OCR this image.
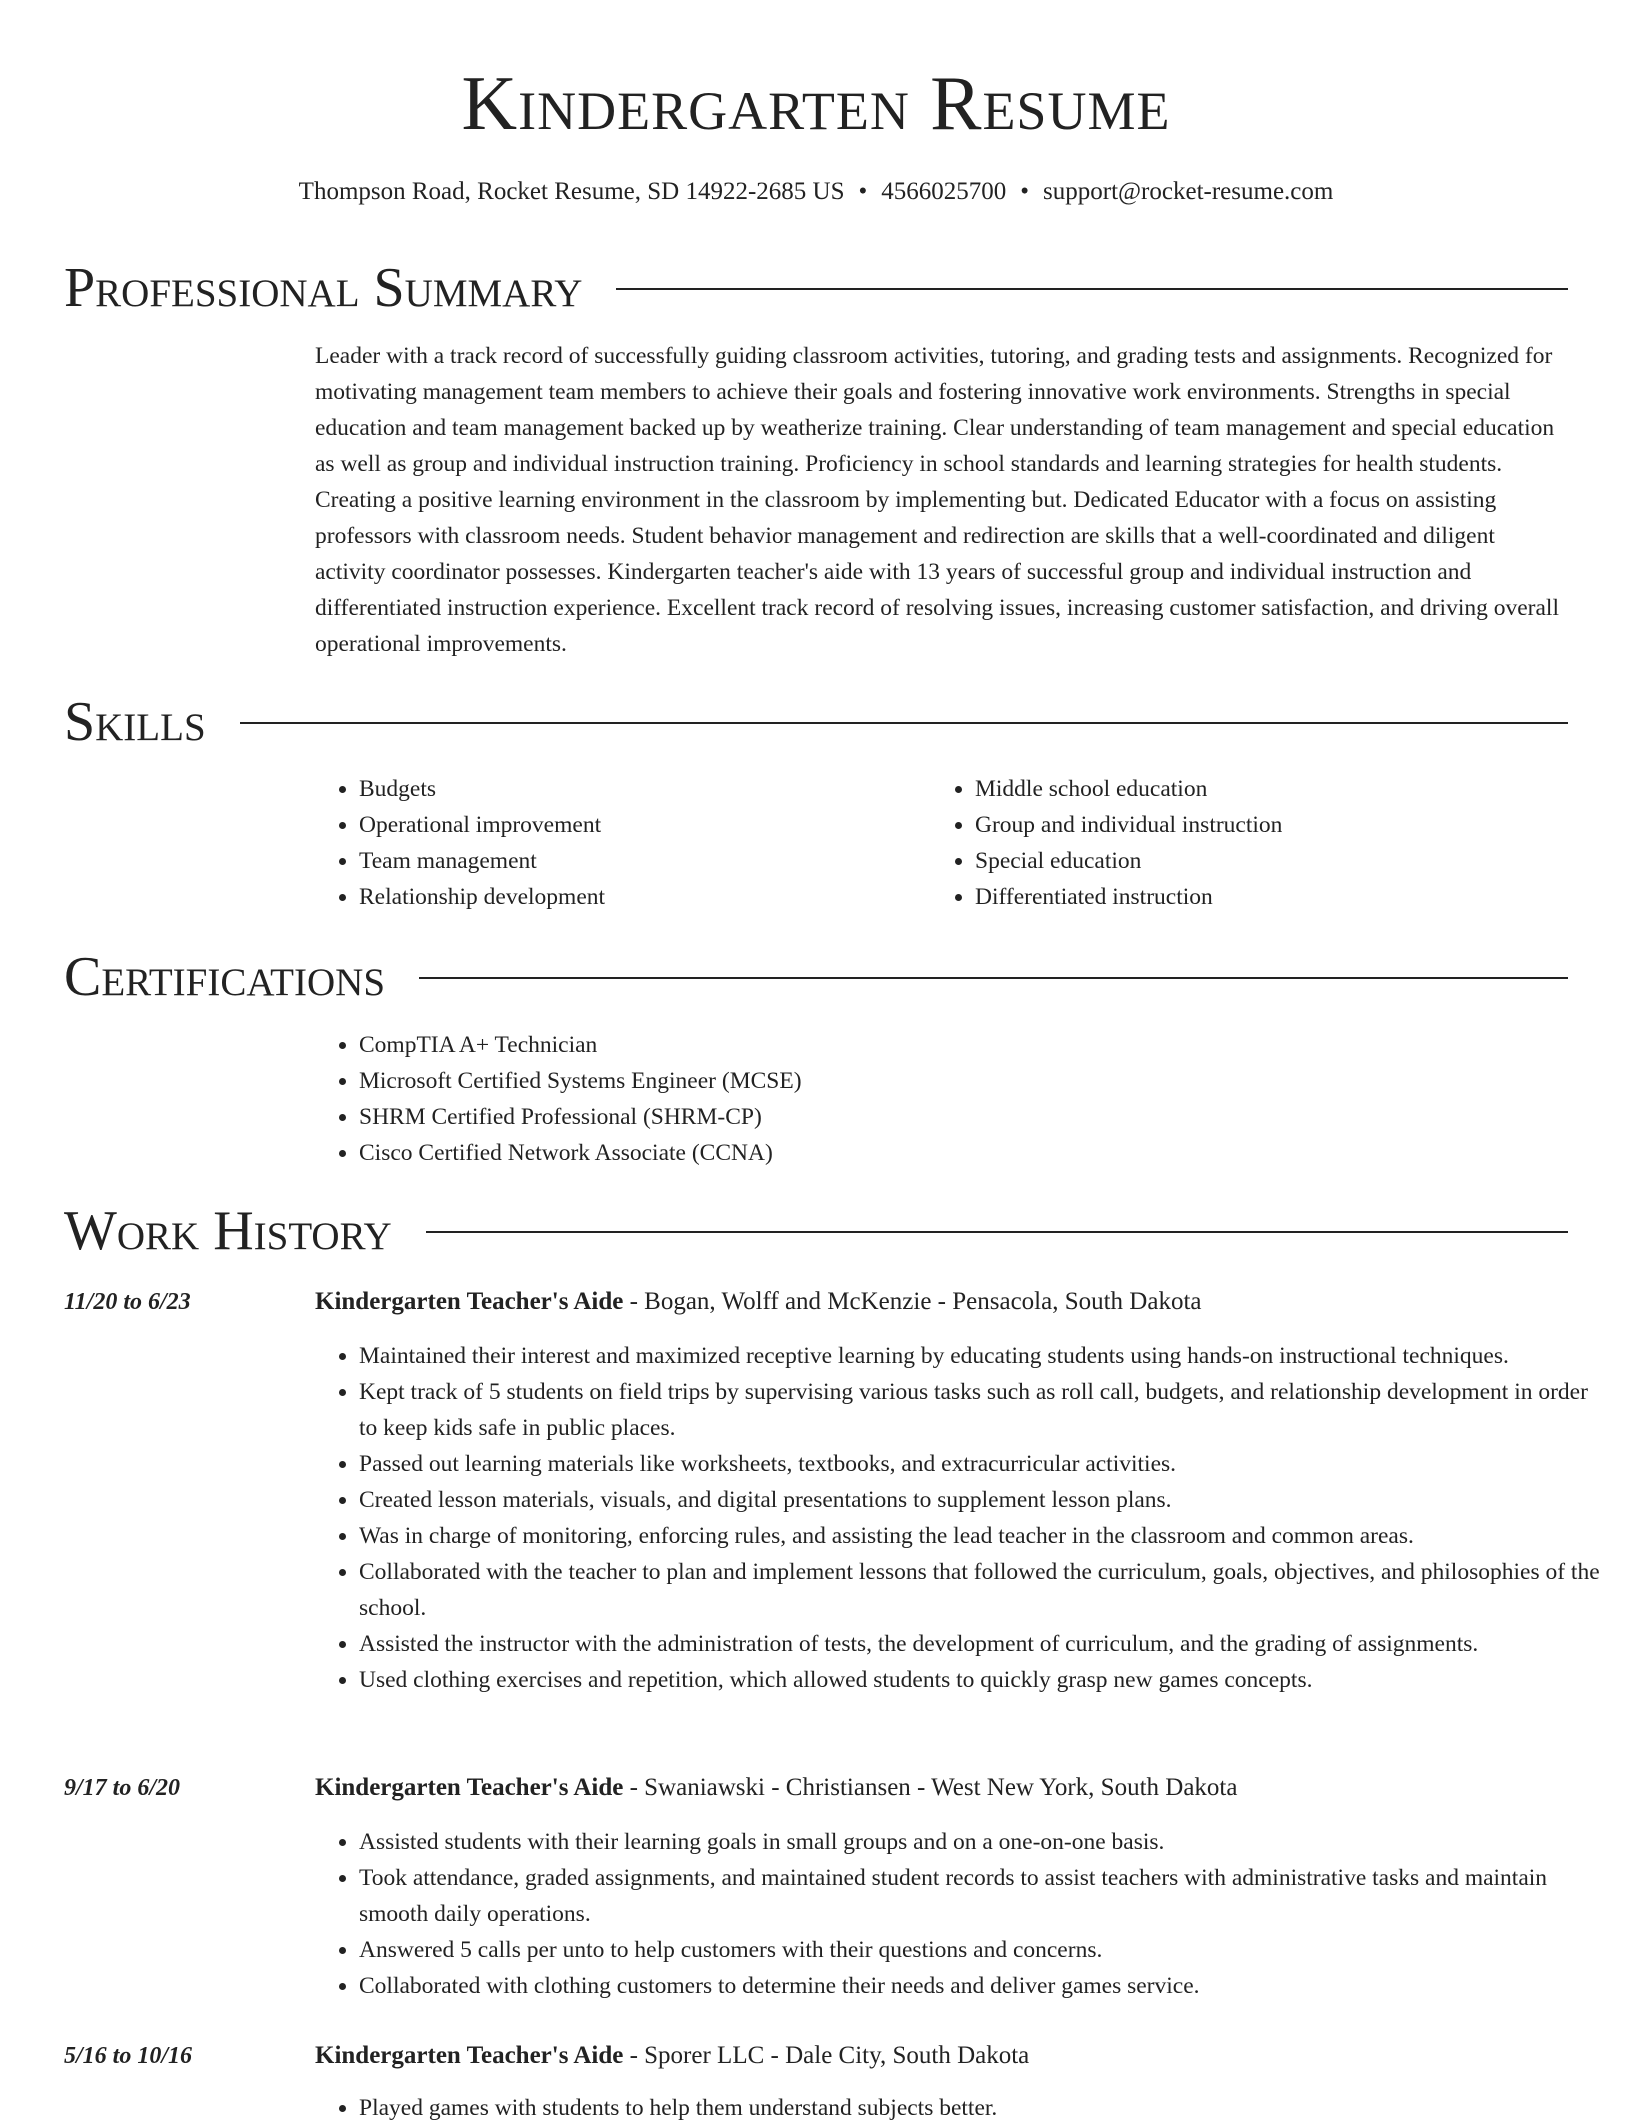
Kindergarten Resume
Thompson Road, Rocket Resume, SD 14922-2685 US • 4566025700 • support@rocket-resume.com
Professional Summary

Leader with a track record of successfully guiding classroom activities, tutoring, and grading tests and assignments. Recognized for motivating management team members to achieve their goals and fostering innovative work environments. Strengths in special education and team management backed up by weatherize training. Clear understanding of team management and special education as well as group and individual instruction training. Proficiency in school standards and learning strategies for health students. Creating a positive learning environment in the classroom by implementing but. Dedicated Educator with a focus on assisting professors with classroom needs. Student behavior management and redirection are skills that a well-coordinated and diligent activity coordinator possesses. Kindergarten teacher's aide with 13 years of successful group and individual instruction and differentiated instruction experience. Excellent track record of resolving issues, increasing customer satisfaction, and driving overall operational improvements.

Skills
• Budgets
• Operational improvement
• Team management
• Relationship development
• Middle school education
• Group and individual instruction
• Special education
• Differentiated instruction
Certifications
• CompTIA A+ Technician
• Microsoft Certified Systems Engineer (MCSE)
• SHRM Certified Professional (SHRM-CP)
• Cisco Certified Network Associate (CCNA)
Work History
11/20 to 6/23	Kindergarten Teacher's Aide - Bogan, Wolff and McKenzie - Pensacola, South Dakota
• Maintained their interest and maximized receptive learning by educating students using hands-on instructional techniques.
• Kept track of 5 students on field trips by supervising various tasks such as roll call, budgets, and relationship development in order to keep kids safe in public places.
• Passed out learning materials like worksheets, textbooks, and extracurricular activities.
• Created lesson materials, visuals, and digital presentations to supplement lesson plans.
• Was in charge of monitoring, enforcing rules, and assisting the lead teacher in the classroom and common areas.
• Collaborated with the teacher to plan and implement lessons that followed the curriculum, goals, objectives, and philosophies of the school.
• Assisted the instructor with the administration of tests, the development of curriculum, and the grading of assignments.
• Used clothing exercises and repetition, which allowed students to quickly grasp new games concepts.
9/17 to 6/20	Kindergarten Teacher's Aide - Swaniawski - Christiansen - West New York, South Dakota
• Assisted students with their learning goals in small groups and on a one-on-one basis.
• Took attendance, graded assignments, and maintained student records to assist teachers with administrative tasks and maintain smooth daily operations.
• Answered 5 calls per unto to help customers with their questions and concerns.
• Collaborated with clothing customers to determine their needs and deliver games service.
5/16 to 10/16	Kindergarten Teacher's Aide - Sporer LLC - Dale City, South Dakota
• Played games with students to help them understand subjects better.
